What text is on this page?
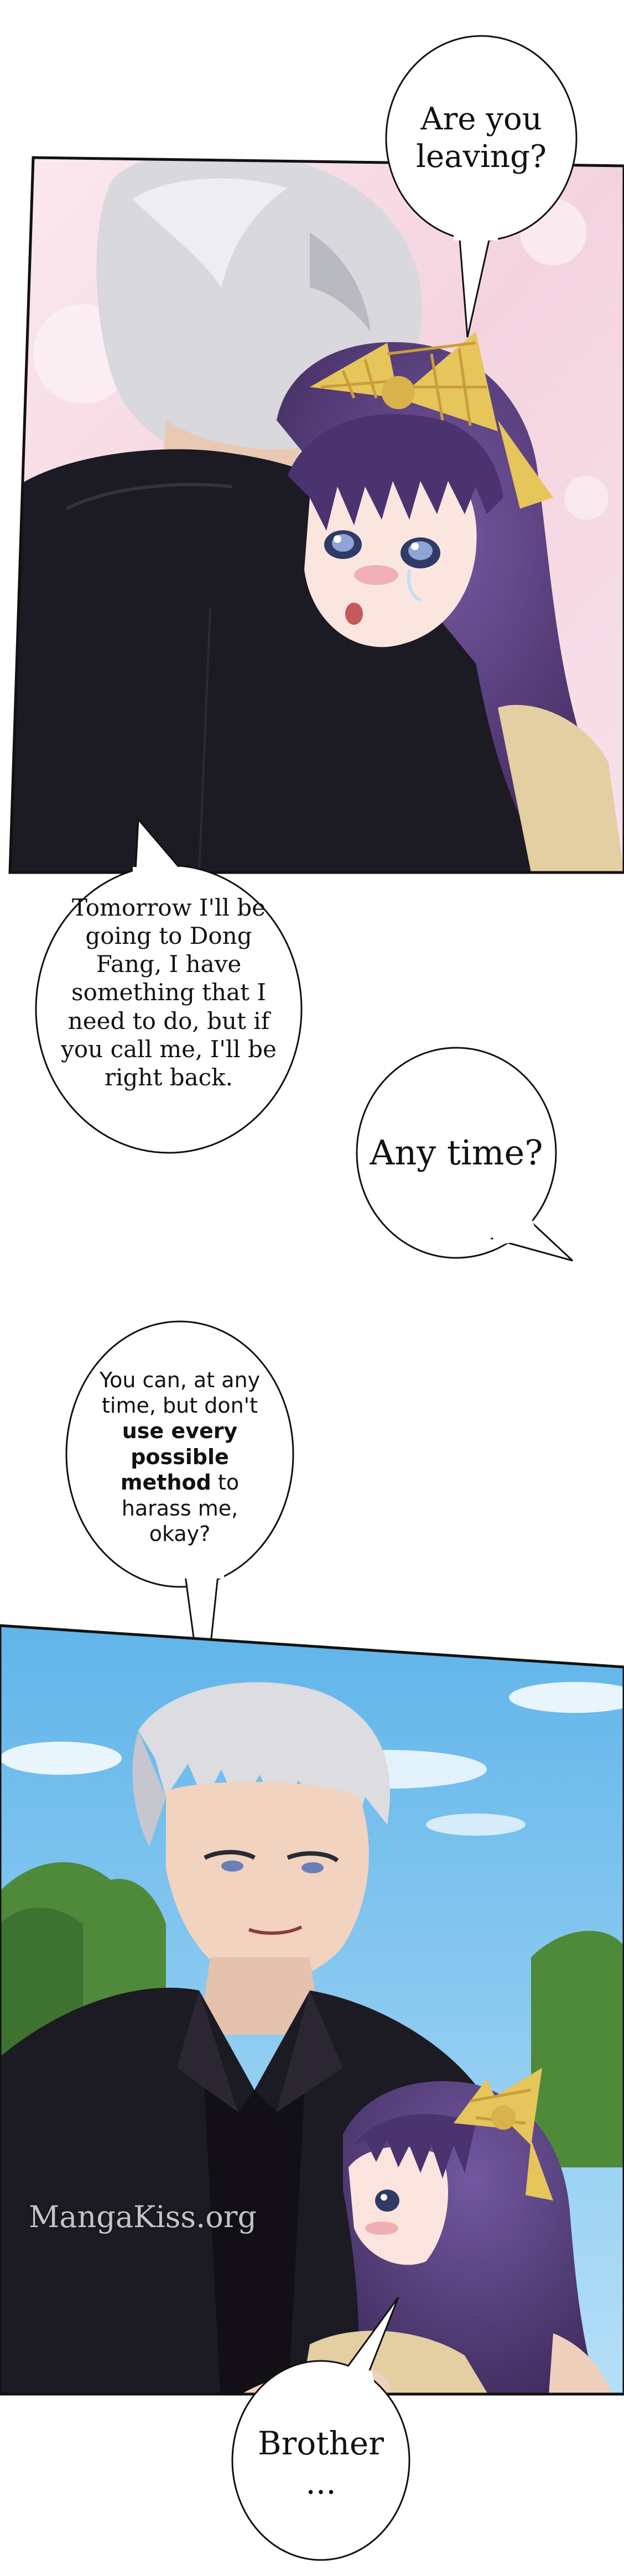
Are you leaving?
Tomorrow I'll be going to Dong Fang, I have something that I need to do, but if you call me, I'll be right back.
Any time?
You can, at any time, but don't use every possible method to harass me, okay?
MangaKiss.org
Brother ...
